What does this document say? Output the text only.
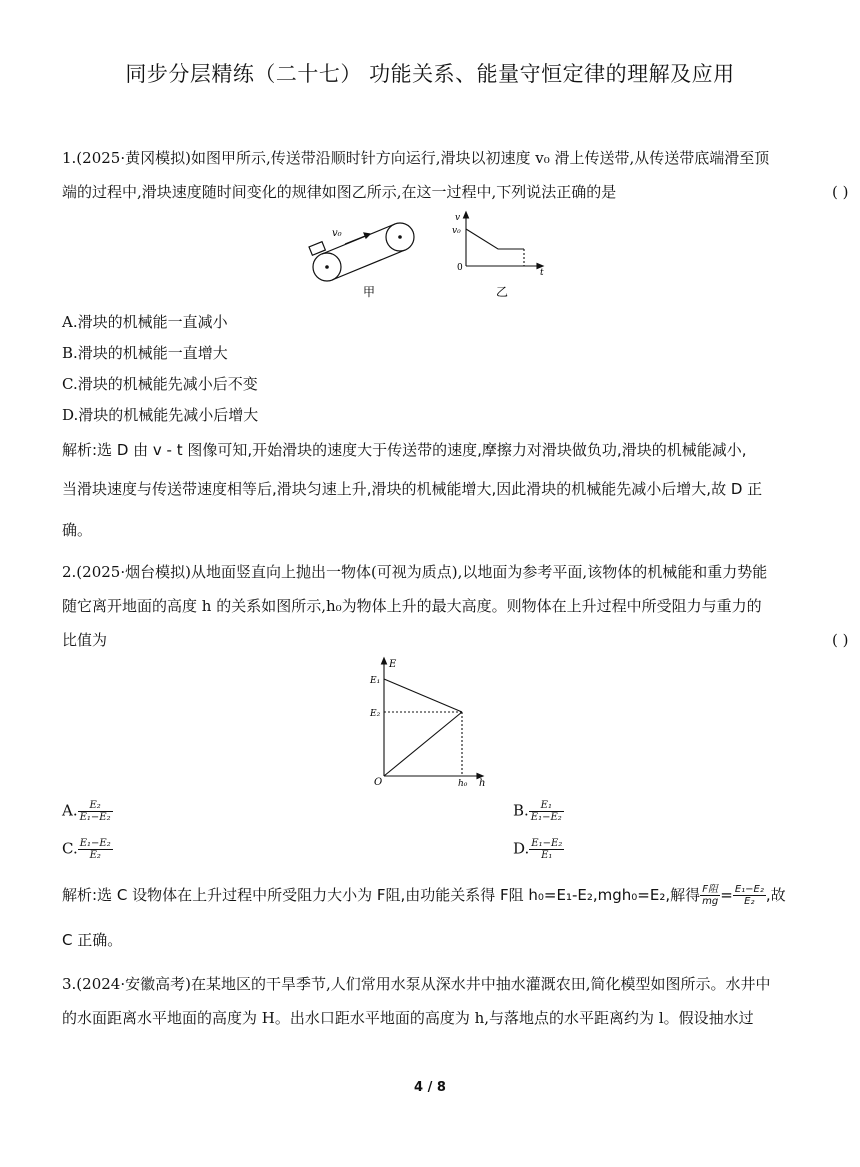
同步分层精练（二十七） 功能关系、能量守恒定律的理解及应用
1.(2025·黄冈模拟)如图甲所示,传送带沿顺时针方向运行,滑块以初速度 v₀ 滑上传送带,从传送带底端滑至顶
端的过程中,滑块速度随时间变化的规律如图乙所示,在这一过程中,下列说法正确的是	( )
v₀
甲
v
v₀
0	t
乙
A.滑块的机械能一直减小
B.滑块的机械能一直增大
C.滑块的机械能先减小后不变
D.滑块的机械能先减小后增大
解析:选 D 由 v - t 图像可知,开始滑块的速度大于传送带的速度,摩擦力对滑块做负功,滑块的机械能减小,
当滑块速度与传送带速度相等后,滑块匀速上升,滑块的机械能增大,因此滑块的机械能先减小后增大,故 D 正
确。
2.(2025·烟台模拟)从地面竖直向上抛出一物体(可视为质点),以地面为参考平面,该物体的机械能和重力势能
随它离开地面的高度 h 的关系如图所示,h₀为物体上升的最大高度。则物体在上升过程中所受阻力与重力的
比值为	( )
E
E₁
E₂
O	h₀ h
A. $\frac{\text{E₂}}{\text{E₁−E₂}}$	B. $\frac{\text{E₁}}{\text{E₁−E₂}}$
C. $\frac{\text{E₁−E₂}}{\text{E₂}}$	D. $\frac{\text{E₁−E₂}}{\text{E₁}}$
解析:选 C 设物体在上升过程中所受阻力大小为 F阻,由功能关系得 F阻 h₀=E₁-E₂,mgh₀=E₂,解得 $\frac{\text{F阻}}{mg} = \frac{\text{E₁−E₂}}{\text{E₂}}$ ,故
C 正确。
3.(2024·安徽高考)在某地区的干旱季节,人们常用水泵从深水井中抽水灌溉农田,简化模型如图所示。水井中
的水面距离水平地面的高度为 H。出水口距水平地面的高度为 h,与落地点的水平距离约为 l。假设抽水过
4 / 8
